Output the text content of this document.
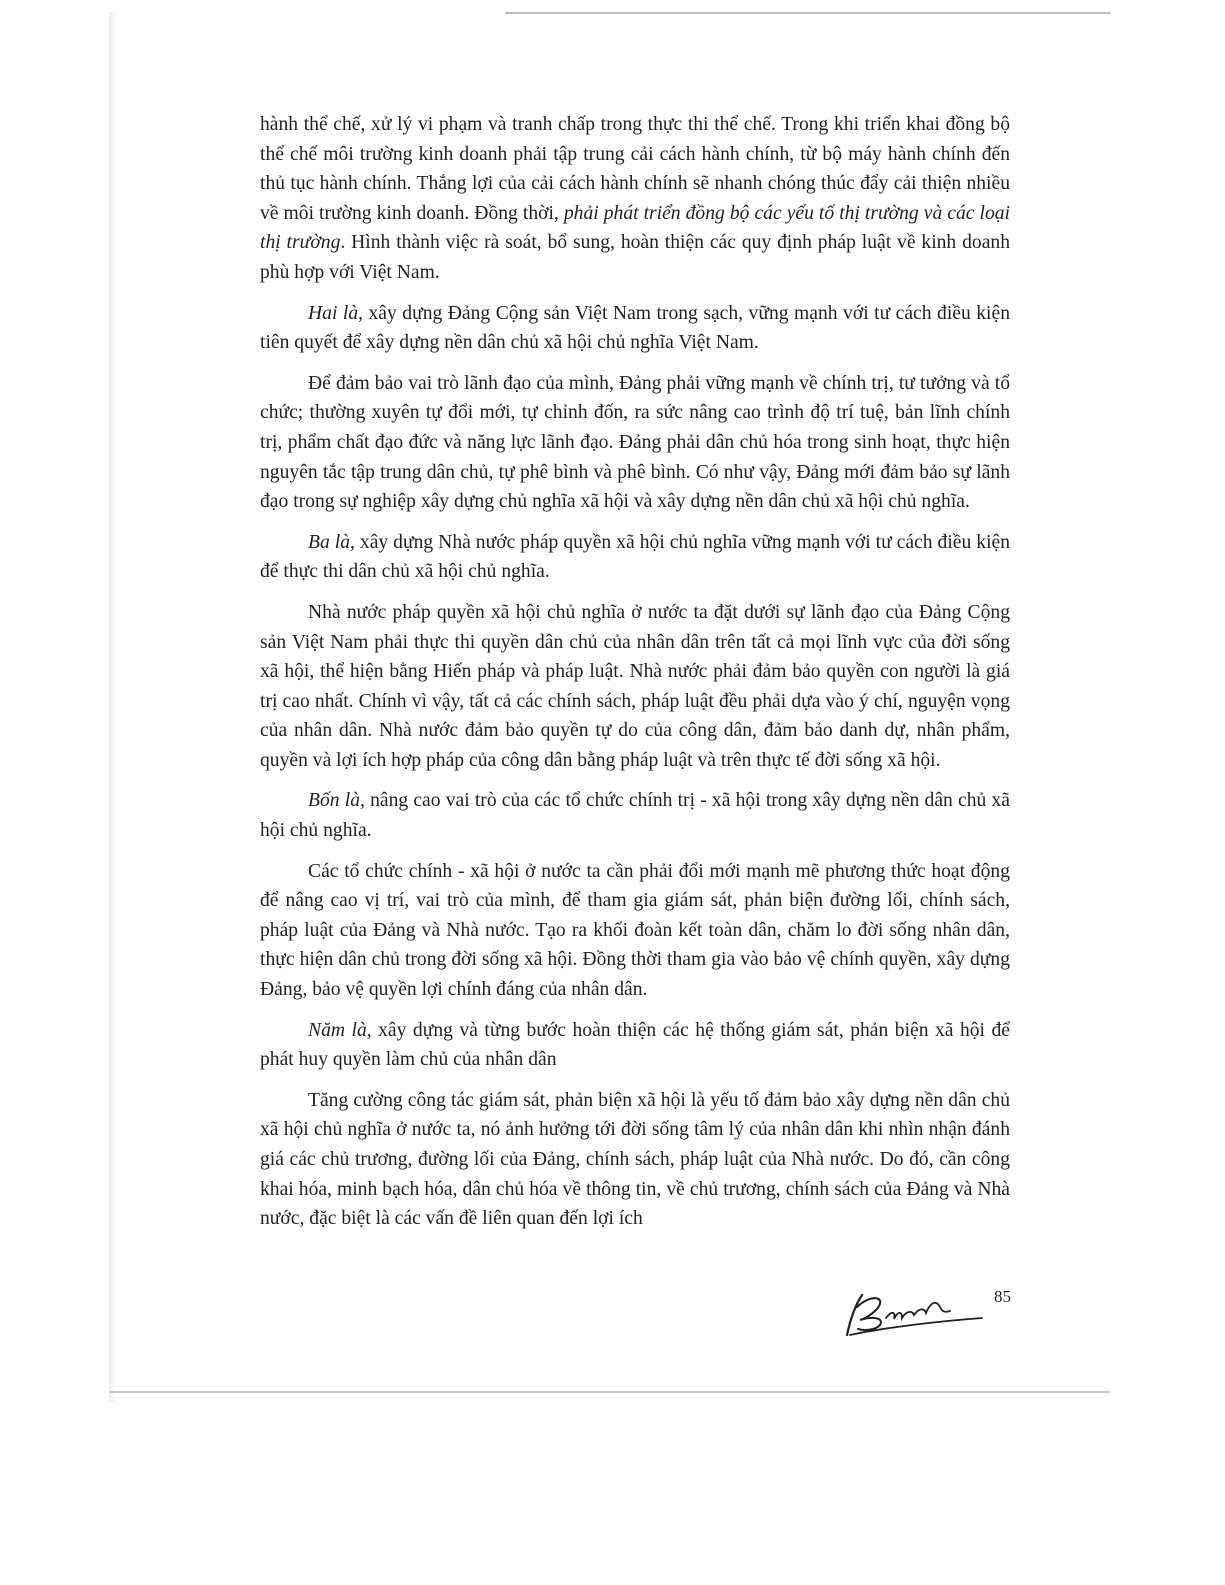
hành thể chế, xử lý vi phạm và tranh chấp trong thực thi thể chế. Trong khi triển khai đồng bộ thể chế môi trường kinh doanh phải tập trung cải cách hành chính, từ bộ máy hành chính đến thủ tục hành chính. Thắng lợi của cải cách hành chính sẽ nhanh chóng thúc đẩy cải thiện nhiều về môi trường kinh doanh. Đồng thời, phải phát triển đồng bộ các yếu tố thị trường và các loại thị trường. Hình thành việc rà soát, bổ sung, hoàn thiện các quy định pháp luật về kinh doanh phù hợp với Việt Nam.

Hai là, xây dựng Đảng Cộng sản Việt Nam trong sạch, vững mạnh với tư cách điều kiện tiên quyết để xây dựng nền dân chủ xã hội chủ nghĩa Việt Nam.

Để đảm bảo vai trò lãnh đạo của mình, Đảng phải vững mạnh về chính trị, tư tưởng và tổ chức; thường xuyên tự đổi mới, tự chỉnh đốn, ra sức nâng cao trình độ trí tuệ, bản lĩnh chính trị, phẩm chất đạo đức và năng lực lãnh đạo. Đảng phải dân chủ hóa trong sinh hoạt, thực hiện nguyên tắc tập trung dân chủ, tự phê bình và phê bình. Có như vậy, Đảng mới đảm bảo sự lãnh đạo trong sự nghiệp xây dựng chủ nghĩa xã hội và xây dựng nền dân chủ xã hội chủ nghĩa.

Ba là, xây dựng Nhà nước pháp quyền xã hội chủ nghĩa vững mạnh với tư cách điều kiện để thực thi dân chủ xã hội chủ nghĩa.

Nhà nước pháp quyền xã hội chủ nghĩa ở nước ta đặt dưới sự lãnh đạo của Đảng Cộng sản Việt Nam phải thực thi quyền dân chủ của nhân dân trên tất cả mọi lĩnh vực của đời sống xã hội, thể hiện bằng Hiến pháp và pháp luật. Nhà nước phải đảm bảo quyền con người là giá trị cao nhất. Chính vì vậy, tất cả các chính sách, pháp luật đều phải dựa vào ý chí, nguyện vọng của nhân dân. Nhà nước đảm bảo quyền tự do của công dân, đảm bảo danh dự, nhân phẩm, quyền và lợi ích hợp pháp của công dân bằng pháp luật và trên thực tế đời sống xã hội.

Bốn là, nâng cao vai trò của các tổ chức chính trị - xã hội trong xây dựng nền dân chủ xã hội chủ nghĩa.

Các tổ chức chính - xã hội ở nước ta cần phải đổi mới mạnh mẽ phương thức hoạt động để nâng cao vị trí, vai trò của mình, để tham gia giám sát, phản biện đường lối, chính sách, pháp luật của Đảng và Nhà nước. Tạo ra khối đoàn kết toàn dân, chăm lo đời sống nhân dân, thực hiện dân chủ trong đời sống xã hội. Đồng thời tham gia vào bảo vệ chính quyền, xây dựng Đảng, bảo vệ quyền lợi chính đáng của nhân dân.

Năm là, xây dựng và từng bước hoàn thiện các hệ thống giám sát, phản biện xã hội để phát huy quyền làm chủ của nhân dân

Tăng cường công tác giám sát, phản biện xã hội là yếu tố đảm bảo xây dựng nền dân chủ xã hội chủ nghĩa ở nước ta, nó ảnh hưởng tới đời sống tâm lý của nhân dân khi nhìn nhận đánh giá các chủ trương, đường lối của Đảng, chính sách, pháp luật của Nhà nước. Do đó, cần công khai hóa, minh bạch hóa, dân chủ hóa về thông tin, về chủ trương, chính sách của Đảng và Nhà nước, đặc biệt là các vấn đề liên quan đến lợi ích

85
